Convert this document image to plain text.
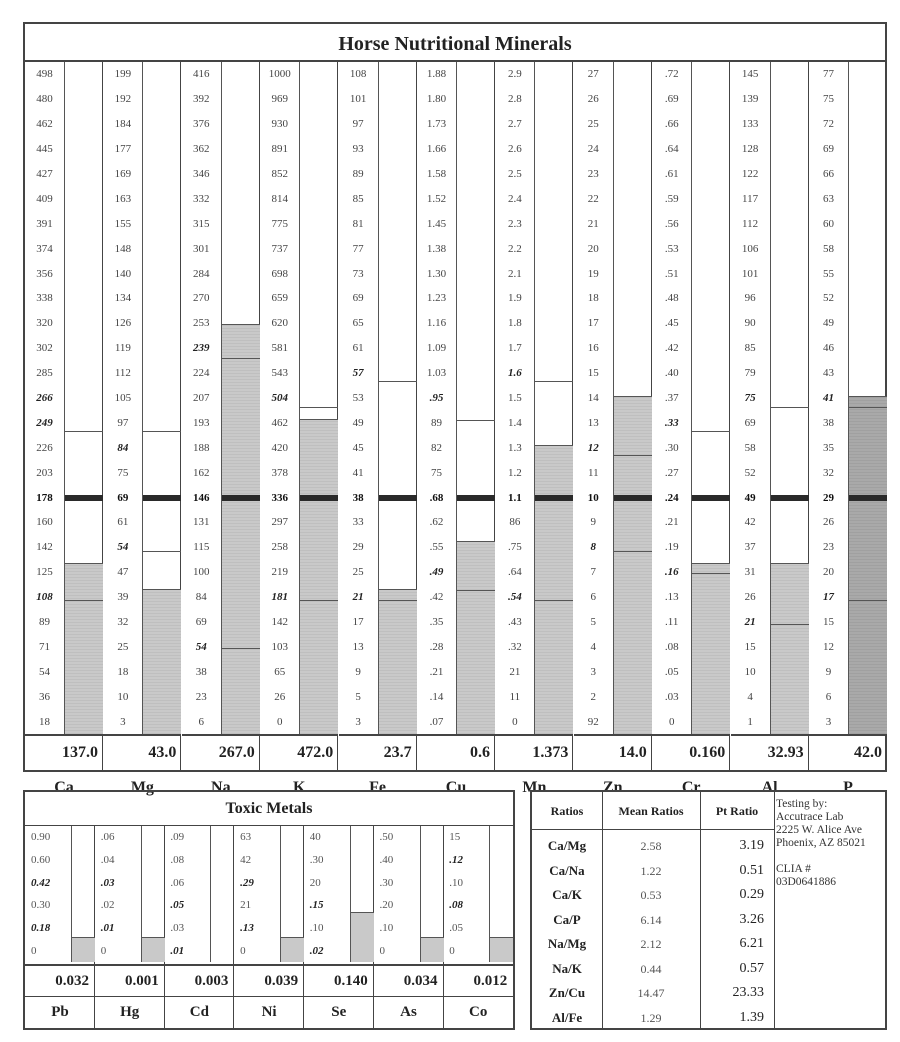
Horse Nutritional Minerals
498
480
462
445
427
409
391
374
356
338
320
302
285
266
249
226
203
178
160
142
125
108
89
71
54
36
18
137.0
Ca
199
192
184
177
169
163
155
148
140
134
126
119
112
105
97
84
75
69
61
54
47
39
32
25
18
10
3
43.0
Mg
416
392
376
362
346
332
315
301
284
270
253
239
224
207
193
188
162
146
131
115
100
84
69
54
38
23
6
267.0
Na
1000
969
930
891
852
814
775
737
698
659
620
581
543
504
462
420
378
336
297
258
219
181
142
103
65
26
0
472.0
K
108
101
97
93
89
85
81
77
73
69
65
61
57
53
49
45
41
38
33
29
25
21
17
13
9
5
3
23.7
Fe
1.88
1.80
1.73
1.66
1.58
1.52
1.45
1.38
1.30
1.23
1.16
1.09
1.03
.95
89
82
75
.68
.62
.55
.49
.42
.35
.28
.21
.14
.07
0.6
Cu
2.9
2.8
2.7
2.6
2.5
2.4
2.3
2.2
2.1
1.9
1.8
1.7
1.6
1.5
1.4
1.3
1.2
1.1
86
.75
.64
.54
.43
.32
21
11
0
1.373
Mn
27
26
25
24
23
22
21
20
19
18
17
16
15
14
13
12
11
10
9
8
7
6
5
4
3
2
92
14.0
Zn
.72
.69
.66
.64
.61
.59
.56
.53
.51
.48
.45
.42
.40
.37
.33
.30
.27
.24
.21
.19
.16
.13
.11
.08
.05
.03
0
0.160
Cr
145
139
133
128
122
117
112
106
101
96
90
85
79
75
69
58
52
49
42
37
31
26
21
15
10
4
1
32.93
Al
77
75
72
69
66
63
60
58
55
52
49
46
43
41
38
35
32
29
26
23
20
17
15
12
9
6
3
42.0
P
Toxic Metals
0.90
0.60
0.42
0.30
0.18
0
0.032
Pb
.06
.04
.03
.02
.01
0
0.001
Hg
.09
.08
.06
.05
.03
.01
0.003
Cd
63
42
.29
21
.13
0
0.039
Ni
40
.30
20
.15
.10
.02
0.140
Se
.50
.40
.30
.20
.10
0
0.034
As
15
.12
.10
.08
.05
0
0.012
Co
Ratios	Mean Ratios	Pt Ratio
Ca/Mg	2.58	3.19
Ca/Na	1.22	0.51
Ca/K	0.53	0.29
Ca/P	6.14	3.26
Na/Mg	2.12	6.21
Na/K	0.44	0.57
Zn/Cu	14.47	23.33
Al/Fe	1.29	1.39
Testing by:
Accutrace Lab
2225 W. Alice Ave
Phoenix, AZ 85021
CLIA #
03D0641886
